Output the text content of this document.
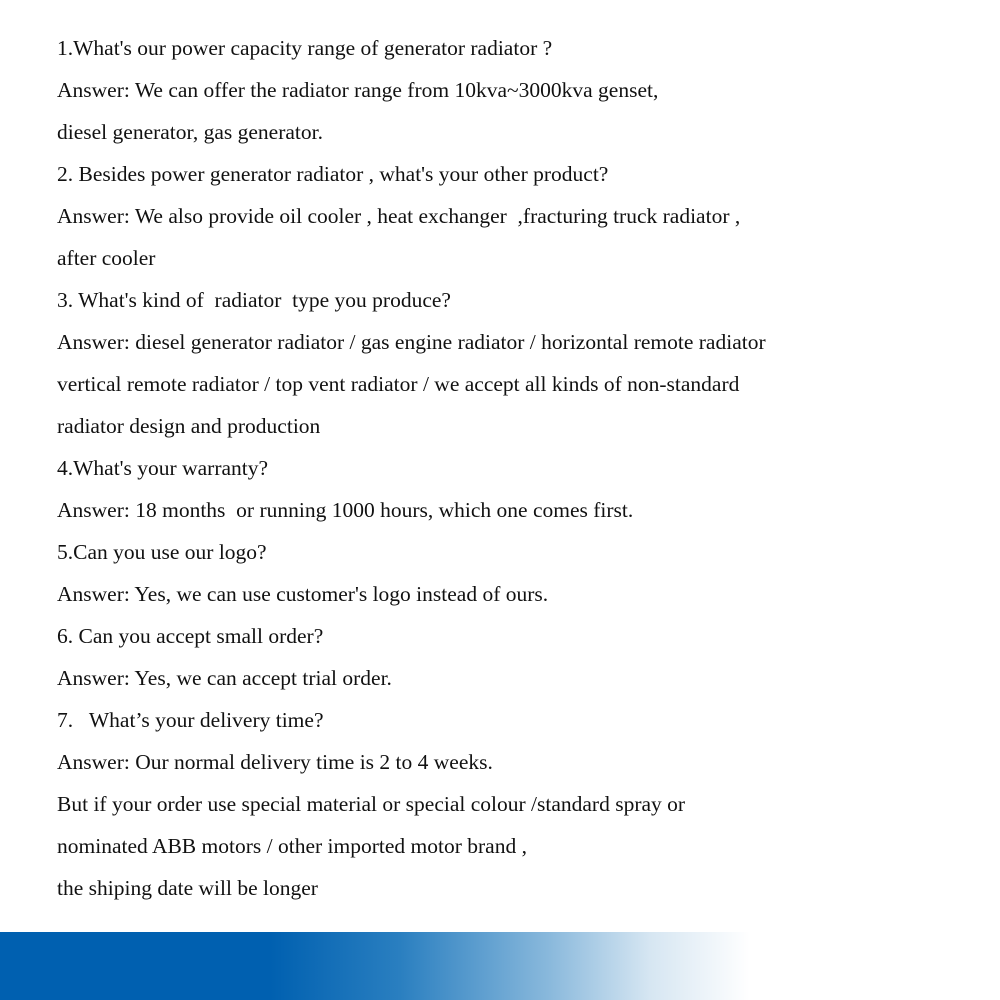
1.What's our power capacity range of generator radiator ?
Answer: We can offer the radiator range from 10kva~3000kva genset,
diesel generator, gas generator.
2. Besides power generator radiator , what's your other product?
Answer: We also provide oil cooler , heat exchanger  ,fracturing truck radiator ,
after cooler
3. What's kind of  radiator  type you produce?
Answer: diesel generator radiator / gas engine radiator / horizontal remote radiator
vertical remote radiator / top vent radiator / we accept all kinds of non-standard
radiator design and production
4.What's your warranty?
Answer: 18 months  or running 1000 hours, which one comes first.
5.Can you use our logo?
Answer: Yes, we can use customer's logo instead of ours.
6. Can you accept small order?
Answer: Yes, we can accept trial order.
7.   What’s your delivery time?
Answer: Our normal delivery time is 2 to 4 weeks.
But if your order use special material or special colour /standard spray or
nominated ABB motors / other imported motor brand ,
the shiping date will be longer
